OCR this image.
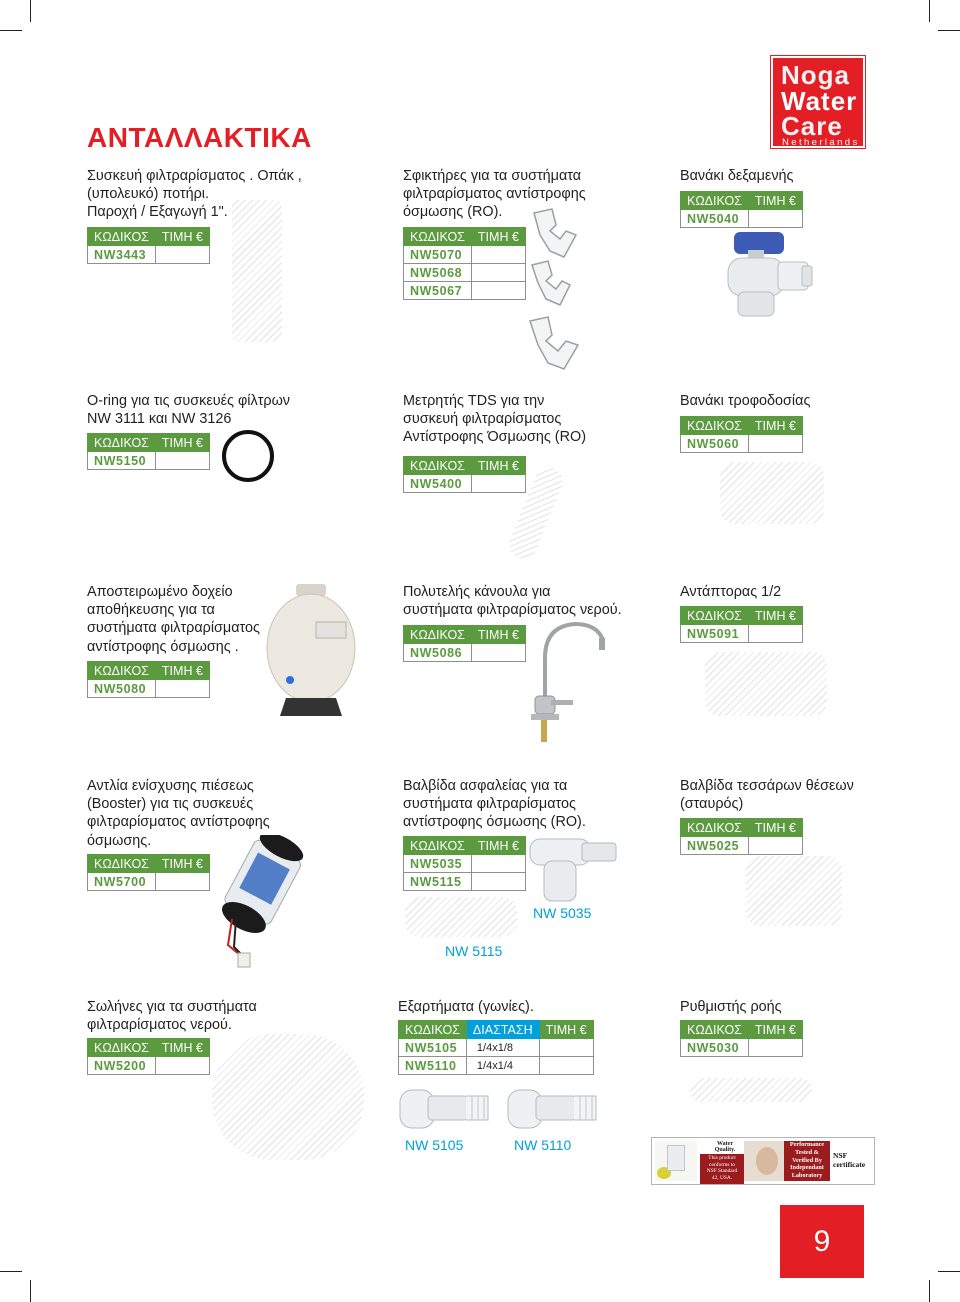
Noga
Water
Care
Netherlands
ΑΝΤΑΛΛΑΚΤΙΚΑ
Συσκευή φιλτραρίσματος . Οπάκ ,
(υπολευκό) ποτήρι.
Παροχή / Εξαγωγή 1".
ΚΩΔΙΚΟΣ	ΤΙΜΗ €
NW3443	
Σφικτήρες για τα συστήματα
φιλτραρίσματος αντίστροφης
όσμωσης (RO).
ΚΩΔΙΚΟΣ	ΤΙΜΗ €
NW5070	
NW5068	
NW5067	
Βανάκι δεξαμενής
ΚΩΔΙΚΟΣ	ΤΙΜΗ €
NW5040	
O-ring για τις συσκευές φίλτρων
NW 3111 και NW 3126
ΚΩΔΙΚΟΣ	ΤΙΜΗ €
NW5150	
Μετρητής TDS για την
συσκευή φιλτραρίσματος
Αντίστροφης Όσμωσης (RO)
ΚΩΔΙΚΟΣ	ΤΙΜΗ €
NW5400	
Βανάκι τροφοδοσίας
ΚΩΔΙΚΟΣ	ΤΙΜΗ €
NW5060	
Αποστειρωμένο δοχείο
αποθήκευσης για τα
συστήματα φιλτραρίσματος
αντίστροφης όσμωσης .
ΚΩΔΙΚΟΣ	ΤΙΜΗ €
NW5080	
Πολυτελής κάνουλα για
συστήματα φιλτραρίσματος νερού.
ΚΩΔΙΚΟΣ	ΤΙΜΗ €
NW5086	
Αντάπτορας 1/2
ΚΩΔΙΚΟΣ	ΤΙΜΗ €
NW5091	
Αντλία ενίσχυσης πιέσεως
(Booster) για τις συσκευές
φιλτραρίσματος αντίστροφης
όσμωσης.
ΚΩΔΙΚΟΣ	ΤΙΜΗ €
NW5700	
Βαλβίδα ασφαλείας για τα
συστήματα φιλτραρίσματος
αντίστροφης όσμωσης (RO).
ΚΩΔΙΚΟΣ	ΤΙΜΗ €
NW5035	
NW5115	
NW 5035
NW 5115
Βαλβίδα τεσσάρων θέσεων
(σταυρός)
ΚΩΔΙΚΟΣ	ΤΙΜΗ €
NW5025	
Σωλήνες για τα συστήματα
φιλτραρίσματος νερού.
ΚΩΔΙΚΟΣ	ΤΙΜΗ €
NW5200	
Εξαρτήματα (γωνίες).
ΚΩΔΙΚΟΣ	ΔΙΑΣΤΑΣΗ	ΤΙΜΗ €
NW5105	1/4x1/8	
NW5110	1/4x1/4	
NW 5105	NW 5110
Ρυθμιστής ροής
ΚΩΔΙΚΟΣ	ΤΙΜΗ €
NW5030	
Water
Quality.
This product
conforms to
NSF Standard
42, USA.
Performance
Tested &
Verified By
Independant
Laboratory
NSF certificate
9
